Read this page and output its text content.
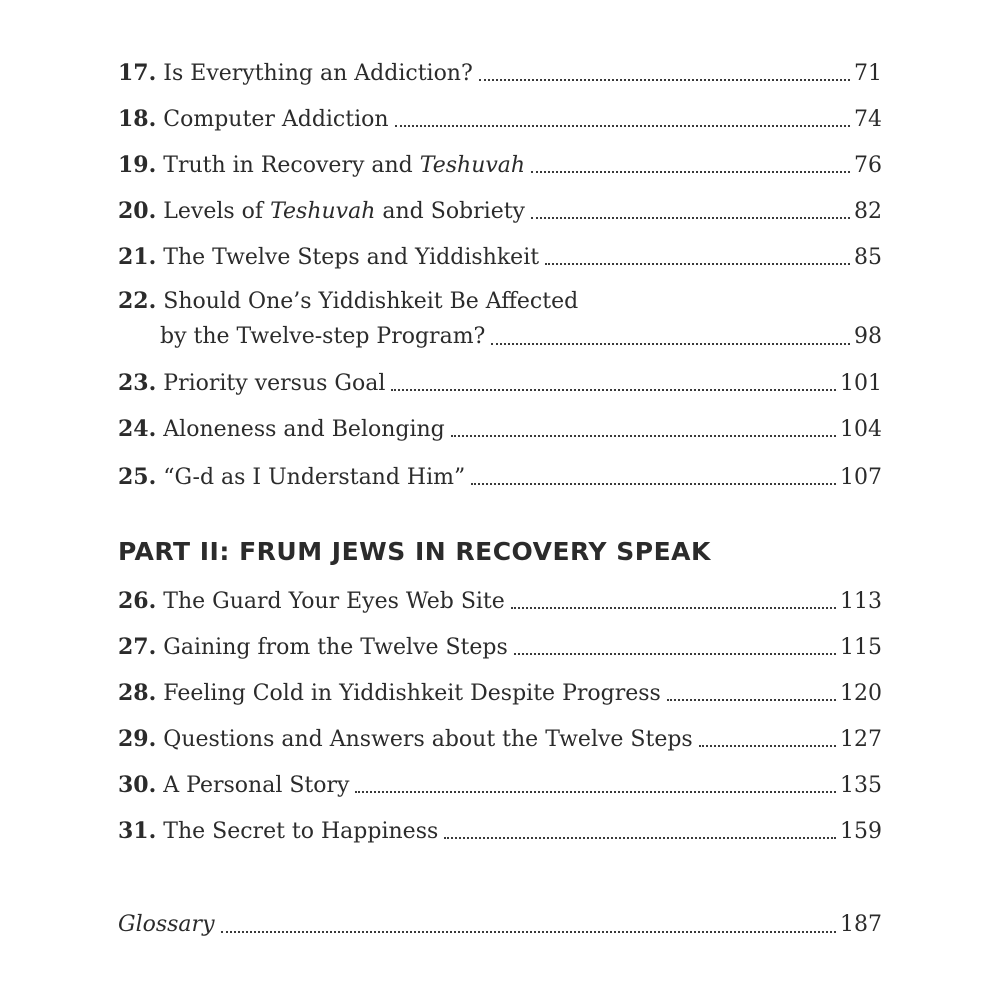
17. Is Everything an Addiction?	71
18. Computer Addiction	74
19. Truth in Recovery and Teshuvah	76
20. Levels of Teshuvah and Sobriety	82
21. The Twelve Steps and Yiddishkeit	85
22. Should One’s Yiddishkeit Be Affected
by the Twelve-step Program?	98
23. Priority versus Goal	101
24. Aloneness and Belonging	104
25. “G-d as I Understand Him”	107
PART II: FRUM JEWS IN RECOVERY SPEAK
26. The Guard Your Eyes Web Site	113
27. Gaining from the Twelve Steps	115
28. Feeling Cold in Yiddishkeit Despite Progress	120
29. Questions and Answers about the Twelve Steps	127
30. A Personal Story	135
31. The Secret to Happiness	159
Glossary	187
